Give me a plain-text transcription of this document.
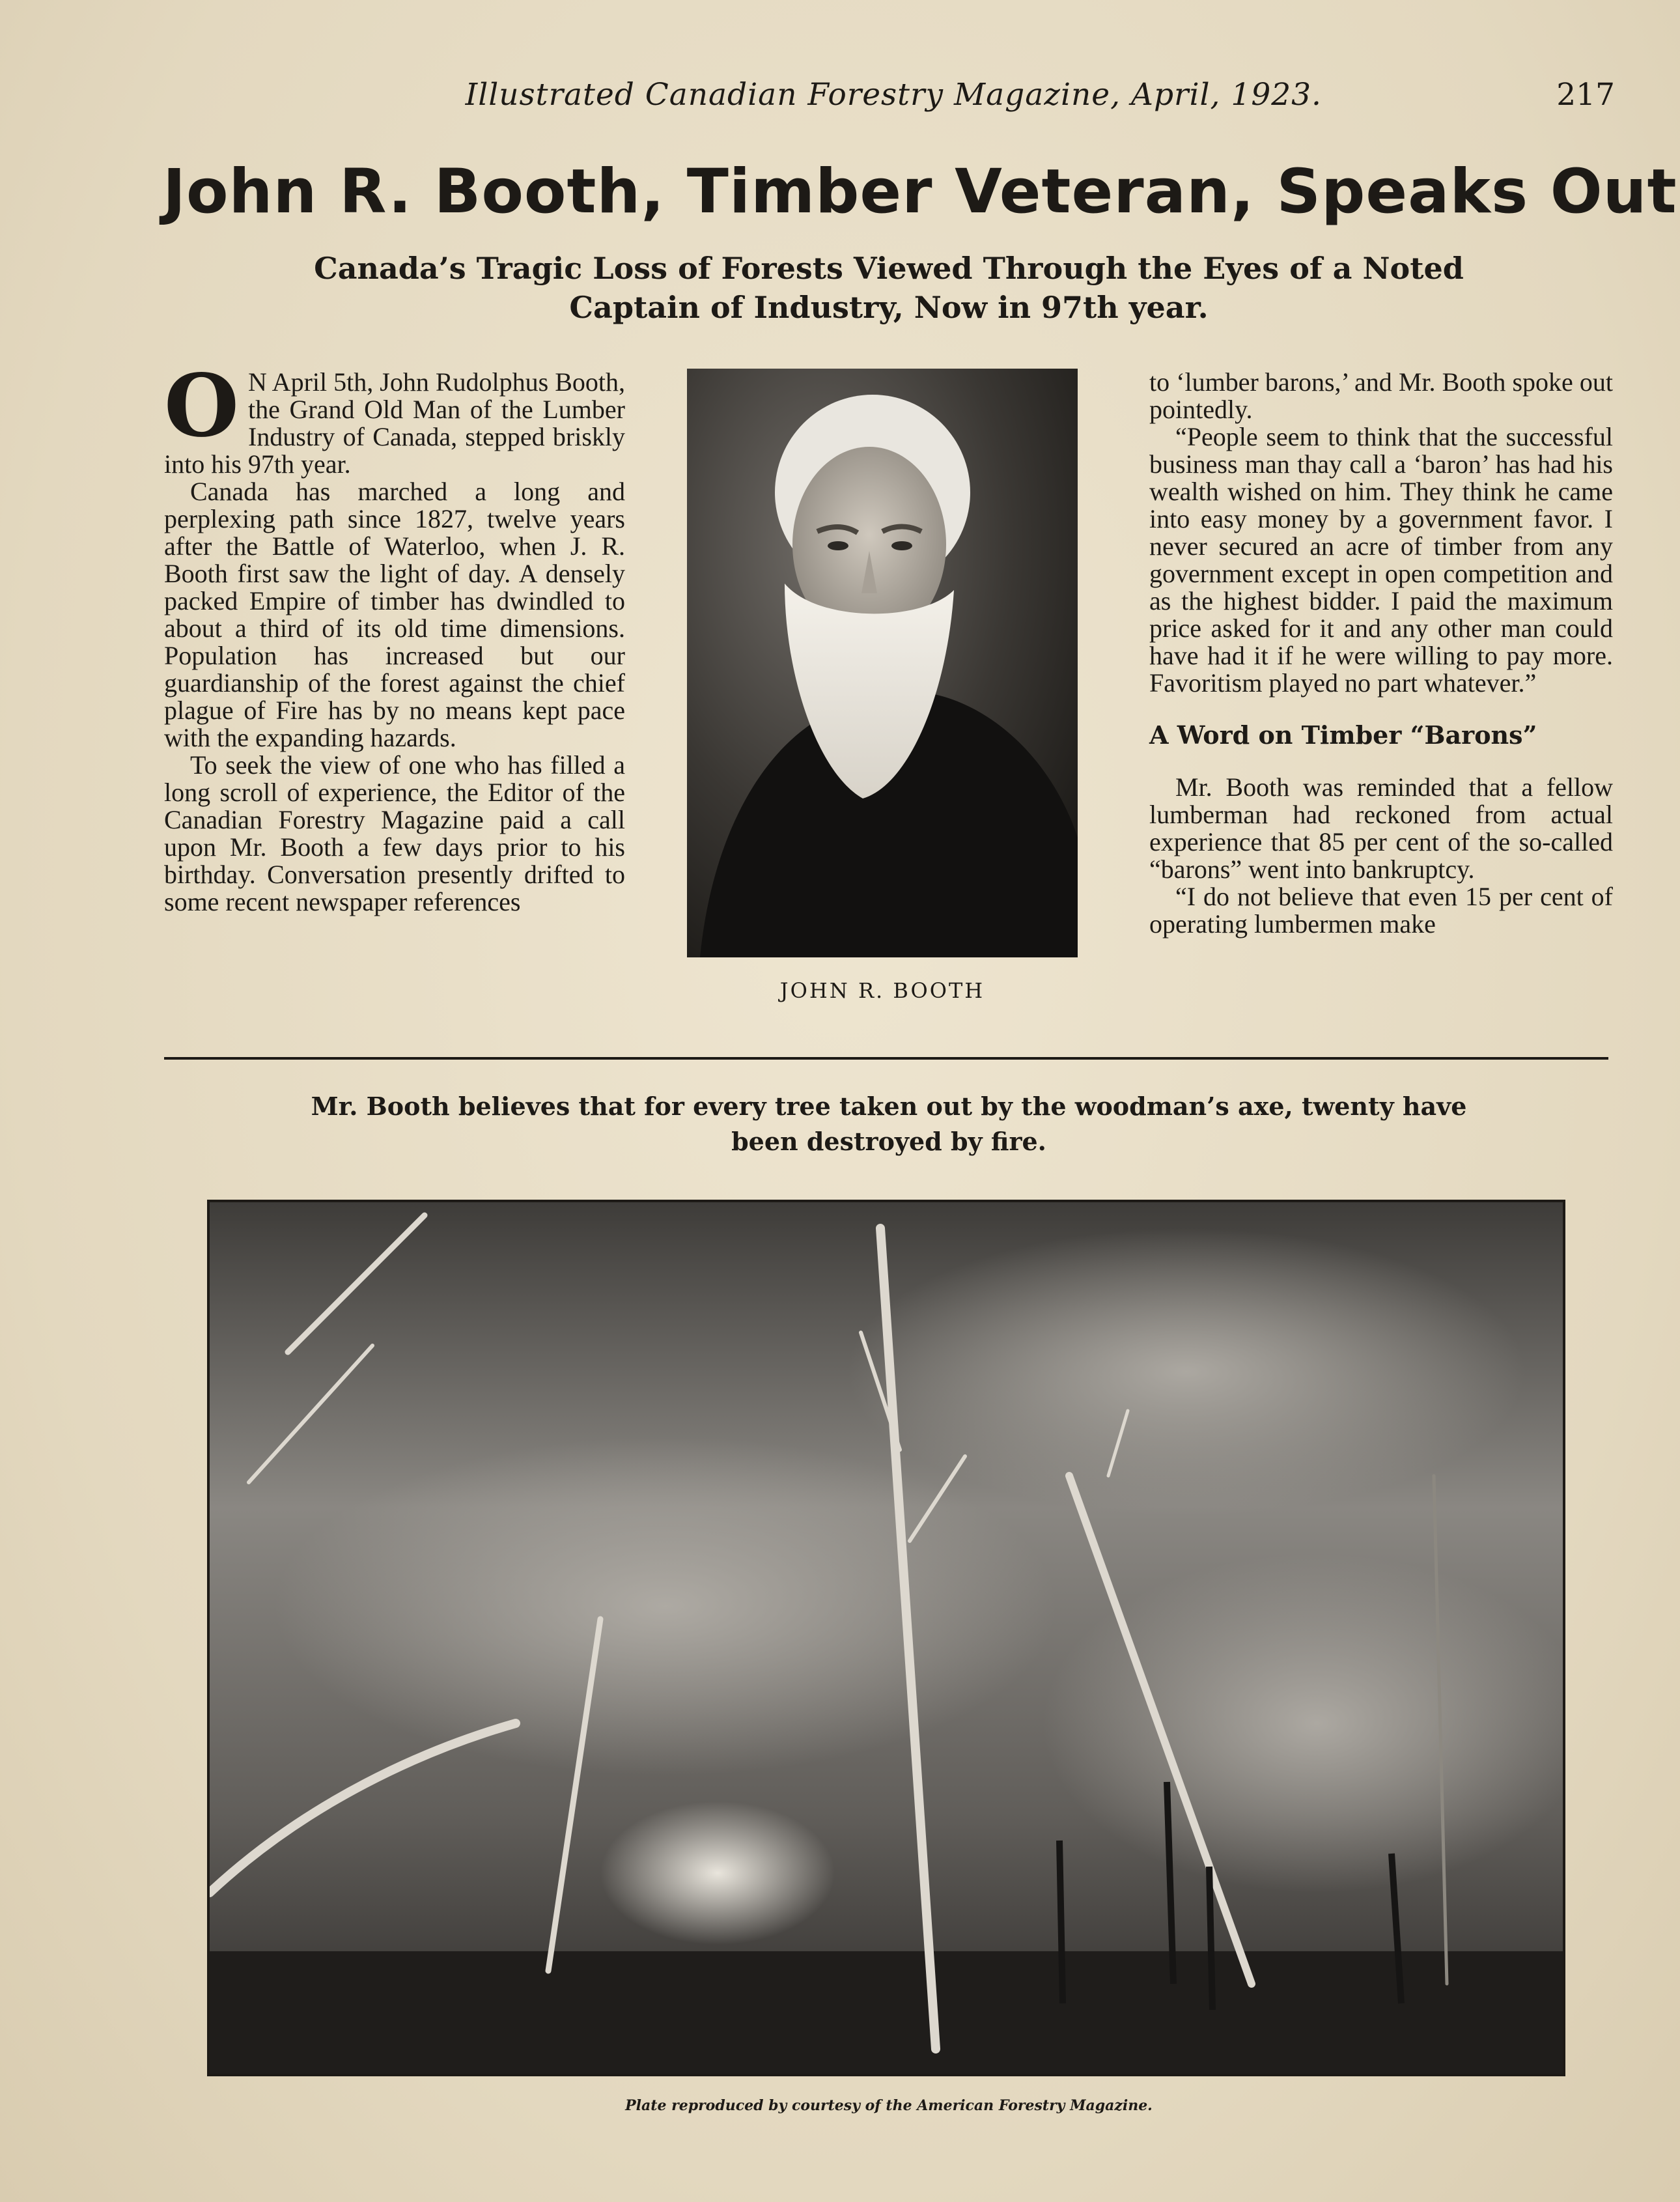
Illustrated Canadian Forestry Magazine, April, 1923.	217
John R. Booth, Timber Veteran, Speaks Out
Canada’s Tragic Loss of Forests Viewed Through the Eyes of a Noted
Captain of Industry, Now in 97th year.

O N April 5th, John Rudolphus Booth, the Grand Old Man of the Lumber Industry of Canada, stepped briskly into his 97th year.

Canada has marched a long and perplexing path since 1827, twelve years after the Battle of Waterloo, when J. R. Booth first saw the light of day. A densely packed Empire of timber has dwindled to about a third of its old time dimensions. Population has increased but our guardianship of the forest against the chief plague of Fire has by no means kept pace with the expanding hazards.

To seek the view of one who has filled a long scroll of experience, the Editor of the Canadian Forestry Magazine paid a call upon Mr. Booth a few days prior to his birthday. Conversation presently drifted to some recent newspaper references

JOHN R. BOOTH

to ‘lumber barons,’ and Mr. Booth spoke out pointedly.

“People seem to think that the successful business man thay call a ‘baron’ has had his wealth wished on him. They think he came into easy money by a government favor. I never secured an acre of timber from any government except in open competition and as the highest bidder. I paid the maximum price asked for it and any other man could have had it if he were willing to pay more. Favoritism played no part whatever.”

A Word on Timber “Barons”

Mr. Booth was reminded that a fellow lumberman had reckoned from actual experience that 85 per cent of the so-called “barons” went into bankruptcy.

“I do not believe that even 15 per cent of operating lumbermen make

Mr. Booth believes that for every tree taken out by the woodman’s axe, twenty have been destroyed by fire.
Plate reproduced by courtesy of the American Forestry Magazine.
